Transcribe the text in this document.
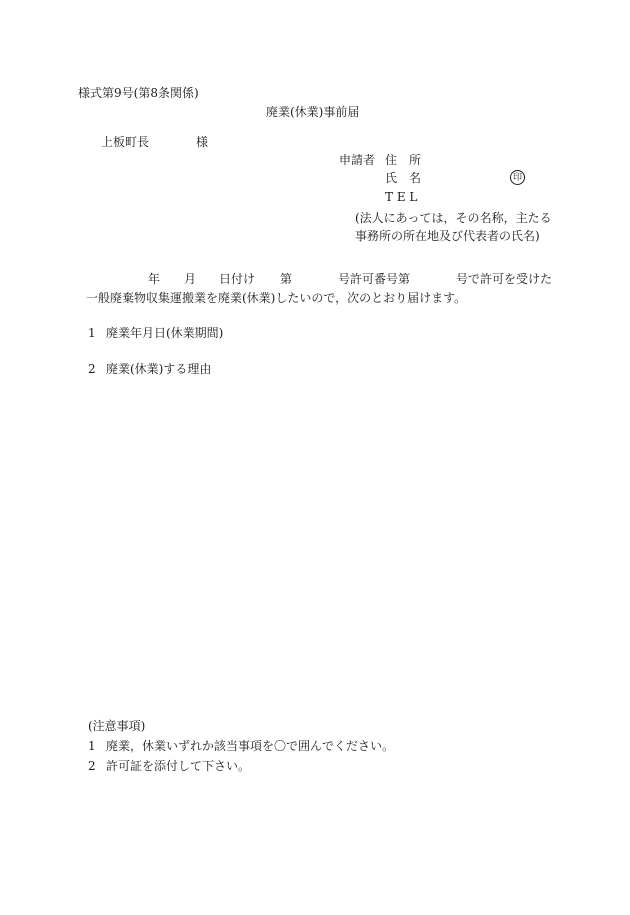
様式第9号(第8条関係)

廃業(休業)事前届

上板町長	様

申請者 住　所

氏　名	印

T E L

(法人にあっては，その名称，主たる

事務所の所在地及び代表者の氏名)

年 月 日付け 第	号許可番号第	号で許可を受けた

一般廃棄物収集運搬業を廃業(休業)したいので，次のとおり届けます。

1 廃業年月日(休業期間)

2 廃業(休業)する理由

(注意事項)

1 廃業，休業いずれか該当事項を〇で囲んでください。

2 許可証を添付して下さい。
